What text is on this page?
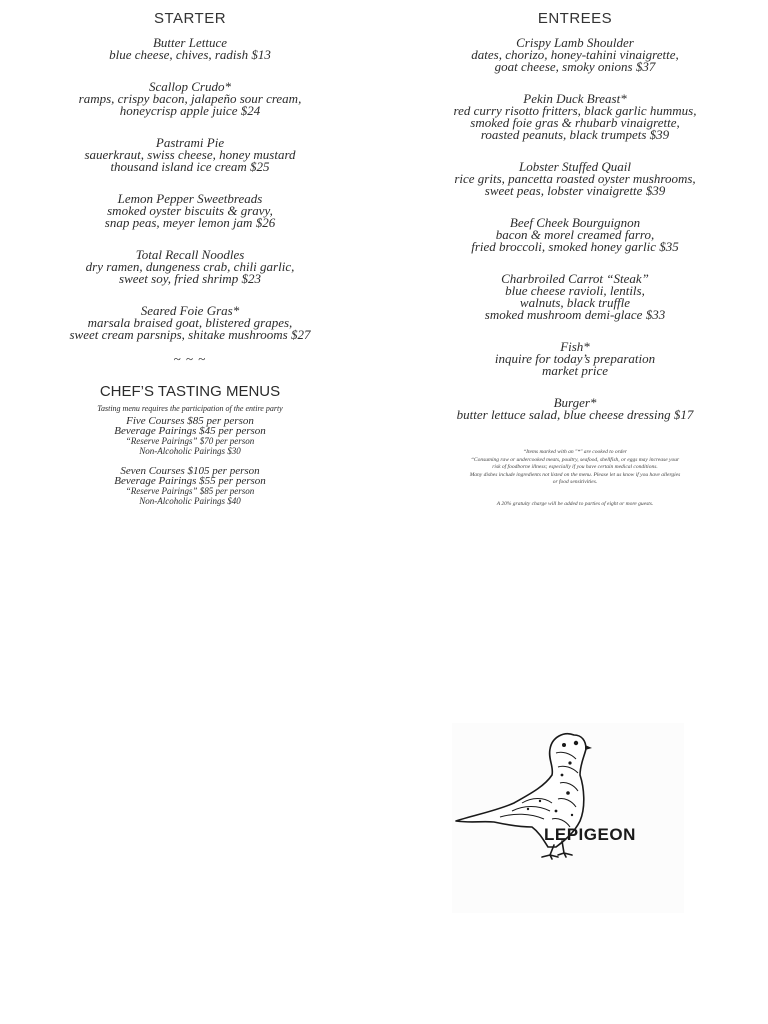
STARTER
Butter Lettuce
blue cheese, chives, radish $13
Scallop Crudo*
ramps, crispy bacon, jalapeño sour cream,
honeycrisp apple juice $24
Pastrami Pie
sauerkraut, swiss cheese, honey mustard
thousand island ice cream $25
Lemon Pepper Sweetbreads
smoked oyster biscuits & gravy,
snap peas, meyer lemon jam $26
Total Recall Noodles
dry ramen, dungeness crab, chili garlic,
sweet soy, fried shrimp $23
Seared Foie Gras*
marsala braised goat, blistered grapes,
sweet cream parsnips, shitake mushrooms $27
~ ~ ~
CHEF’S TASTING MENUS
Tasting menu requires the participation of the entire party
Five Courses $85 per person
Beverage Pairings $45 per person
“Reserve Pairings” $70 per person
Non-Alcoholic Pairings $30
Seven Courses $105 per person
Beverage Pairings $55 per person
“Reserve Pairings” $85 per person
Non-Alcoholic Pairings $40
ENTREES
Crispy Lamb Shoulder
dates, chorizo, honey-tahini vinaigrette,
goat cheese, smoky onions $37
Pekin Duck Breast*
red curry risotto fritters, black garlic hummus,
smoked foie gras & rhubarb vinaigrette,
roasted peanuts, black trumpets $39
Lobster Stuffed Quail
rice grits, pancetta roasted oyster mushrooms,
sweet peas, lobster vinaigrette $39
Beef Cheek Bourguignon
bacon & morel creamed farro,
fried broccoli, smoked honey garlic $35
Charbroiled Carrot “Steak”
blue cheese ravioli, lentils,
walnuts, black truffle
smoked mushroom demi-glace $33
Fish*
inquire for today’s preparation
market price
Burger*
butter lettuce salad, blue cheese dressing $17
“Items marked with an "*" are cooked to order
“Consuming raw or undercooked meats, poultry, seafood, shellfish, or eggs may increase your
risk of foodborne illness; especially if you have certain medical conditions.
Many dishes include ingredients not listed on the menu. Please let us know if you have allergies
or food sensitivities.
A 20% gratuity charge will be added to parties of eight or more guests.
LEPIGEON
